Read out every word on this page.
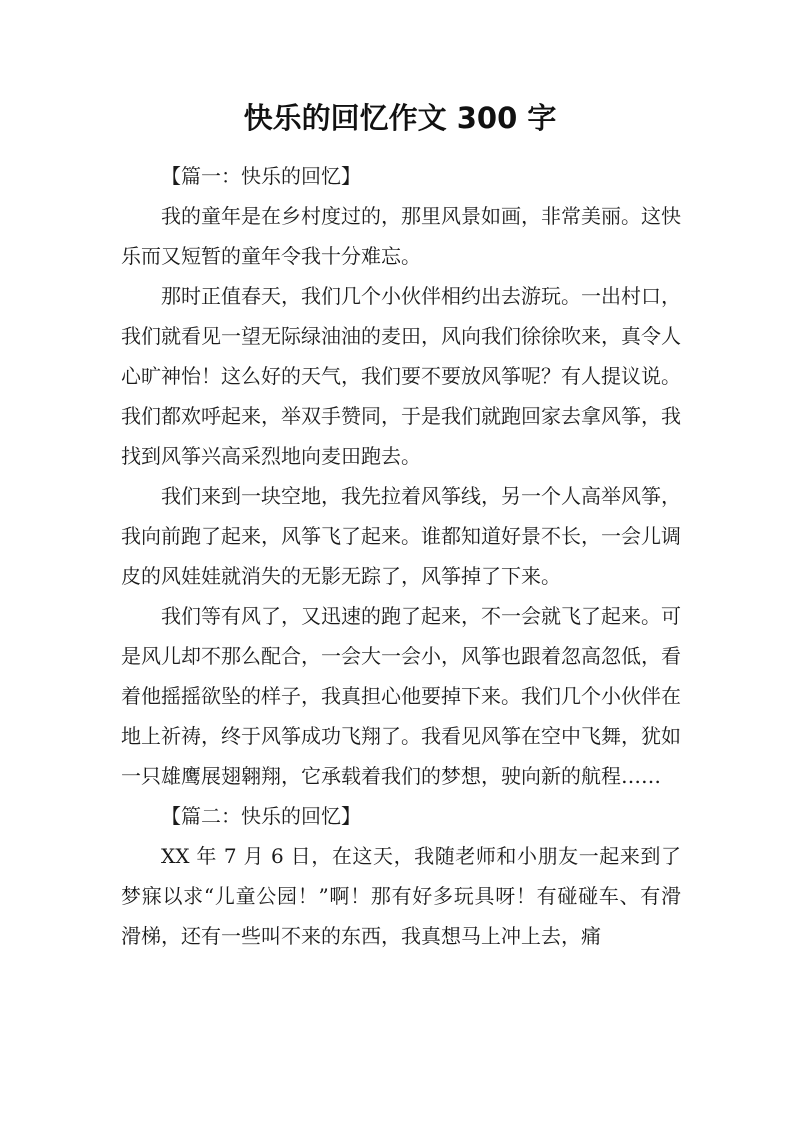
快乐的回忆作文 300 字

【篇一：快乐的回忆】

我的童年是在乡村度过的，那里风景如画，非常美丽。这快乐而又短暂的童年令我十分难忘。

那时正值春天，我们几个小伙伴相约出去游玩。一出村口，我们就看见一望无际绿油油的麦田，风向我们徐徐吹来，真令人心旷神怡！这么好的天气，我们要不要放风筝呢？有人提议说。我们都欢呼起来，举双手赞同，于是我们就跑回家去拿风筝，我找到风筝兴高采烈地向麦田跑去。

我们来到一块空地，我先拉着风筝线，另一个人高举风筝，我向前跑了起来，风筝飞了起来。谁都知道好景不长，一会儿调皮的风娃娃就消失的无影无踪了，风筝掉了下来。

我们等有风了，又迅速的跑了起来，不一会就飞了起来。可是风儿却不那么配合，一会大一会小，风筝也跟着忽高忽低，看着他摇摇欲坠的样子，我真担心他要掉下来。我们几个小伙伴在地上祈祷，终于风筝成功飞翔了。我看见风筝在空中飞舞，犹如一只雄鹰展翅翱翔，它承载着我们的梦想，驶向新的航程……

【篇二：快乐的回忆】

XX 年 7 月 6 日，在这天，我随老师和小朋友一起来到了梦寐以求“儿童公园！”啊！那有好多玩具呀！有碰碰车、有滑滑梯，还有一些叫不来的东西，我真想马上冲上去，痛
